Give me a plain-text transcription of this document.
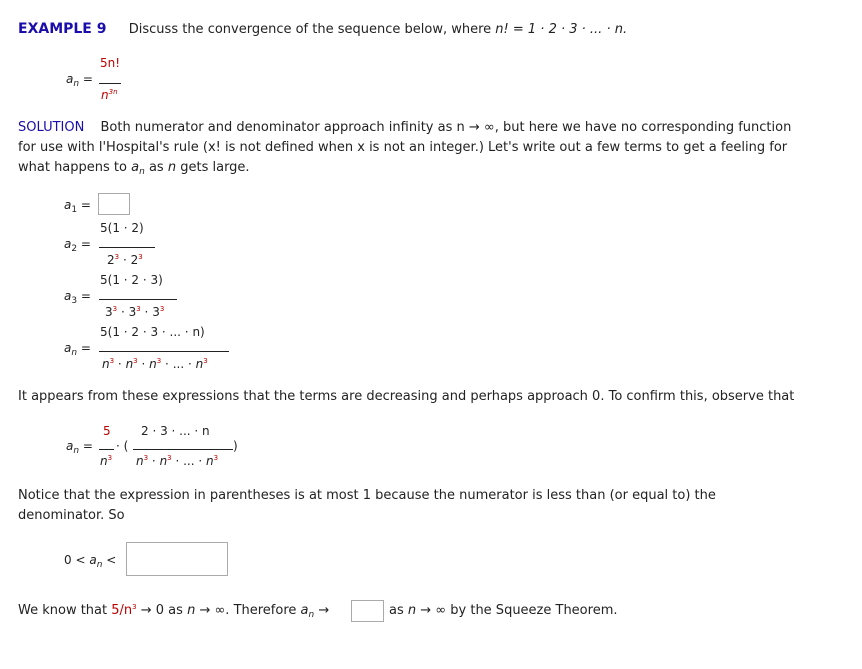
EXAMPLE 9 Discuss the convergence of the sequence below, where n! = 1 · 2 · 3 · ... · n.
$a_n$ =
5n!
$n^{3n}$
SOLUTION Both numerator and denominator approach infinity as n → ∞, but here we have no corresponding function
for use with l'Hospital's rule (x! is not defined when x is not an integer.) Let's write out a few terms to get a feeling for
what happens to $a_n$ as n gets large.
$a_1$ =
$a_2$ =
5(1 · 2)
$2^3 \cdot 2^3$
$a_3$ =
5(1 · 2 · 3)
$3^3 \cdot 3^3 \cdot 3^3$
$a_n$ =
5(1 · 2 · 3 · ... · n)
$n^3 \cdot n^3 \cdot n^3$ · ... · $n^3$
It appears from these expressions that the terms are decreasing and perhaps approach 0. To confirm this, observe that
$a_n$ =
5
$n^3$
· (
2 · 3 · ... · n
$n^3 \cdot n^3$ · ... · $n^3$
)
Notice that the expression in parentheses is at most 1 because the numerator is less than (or equal to) the
denominator. So
$0 < a_n$ <
We know that $5/n^3 \to 0$ as n → ∞. Therefore $a_n$ →	as n → ∞ by the Squeeze Theorem.
